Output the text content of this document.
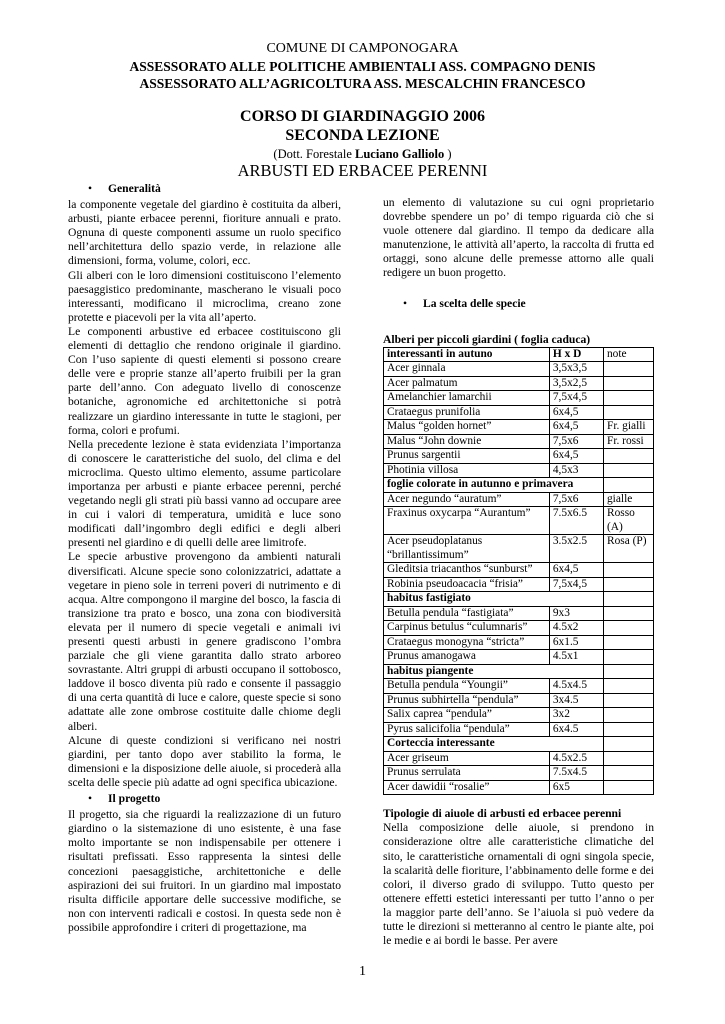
COMUNE DI CAMPONOGARA
ASSESSORATO ALLE POLITICHE AMBIENTALI ASS. COMPAGNO DENIS
ASSESSORATO ALL’AGRICOLTURA ASS. MESCALCHIN FRANCESCO
CORSO DI GIARDINAGGIO 2006
SECONDA LEZIONE
(Dott. Forestale Luciano Galliolo )
ARBUSTI ED ERBACEE PERENNI
• Generalità

la componente vegetale del giardino è costituita da alberi, arbusti, piante erbacee perenni, fioriture annuali e prato. Ognuna di queste componenti assume un ruolo specifico nell’architettura dello spazio verde, in relazione alle dimensioni, forma, volume, colori, ecc.

Gli alberi con le loro dimensioni costituiscono l’elemento paesaggistico predominante, mascherano le visuali poco interessanti, modificano il microclima, creano zone protette e piacevoli per la vita all’aperto.

Le componenti arbustive ed erbacee costituiscono gli elementi di dettaglio che rendono originale il giardino. Con l’uso sapiente di questi elementi si possono creare delle vere e proprie stanze all’aperto fruibili per la gran parte dell’anno. Con adeguato livello di conoscenze botaniche, agronomiche ed architettoniche si potrà realizzare un giardino interessante in tutte le stagioni, per forma, colori e profumi.

Nella precedente lezione è stata evidenziata l’importanza di conoscere le caratteristiche del suolo, del clima e del microclima. Questo ultimo elemento, assume particolare importanza per arbusti e piante erbacee perenni, perché vegetando negli gli strati più bassi vanno ad occupare aree in cui i valori di temperatura, umidità e luce sono modificati dall’ingombro degli edifici e degli alberi presenti nel giardino e di quelli delle aree limitrofe.

Le specie arbustive provengono da ambienti naturali diversificati. Alcune specie sono colonizzatrici, adattate a vegetare in pieno sole in terreni poveri di nutrimento e di acqua. Altre compongono il margine del bosco, la fascia di transizione tra prato e bosco, una zona con biodiversità elevata per il numero di specie vegetali e animali ivi presenti questi arbusti in genere gradiscono l’ombra parziale che gli viene garantita dallo strato arboreo sovrastante. Altri gruppi di arbusti occupano il sottobosco, laddove il bosco diventa più rado e consente il passaggio di una certa quantità di luce e calore, queste specie si sono adattate alle zone ombrose costituite dalle chiome degli alberi.

Alcune di queste condizioni si verificano nei nostri giardini, per tanto dopo aver stabilito la forma, le dimensioni e la disposizione delle aiuole, si procederà alla scelta delle specie più adatte ad ogni specifica ubicazione.

• Il progetto

Il progetto, sia che riguardi la realizzazione di un futuro giardino o la sistemazione di uno esistente, è una fase molto importante se non indispensabile per ottenere i risultati prefissati. Esso rappresenta la sintesi delle concezioni paesaggistiche, architettoniche e delle aspirazioni dei sui fruitori. In un giardino mal impostato risulta difficile apportare delle successive modifiche, se non con interventi radicali e costosi. In questa sede non è possibile approfondire i criteri di progettazione, ma

un elemento di valutazione su cui ogni proprietario dovrebbe spendere un po’ di tempo riguarda ciò che si vuole ottenere dal giardino. Il tempo da dedicare alla manutenzione, le attività all’aperto, la raccolta di frutta ed ortaggi, sono alcune delle premesse attorno alle quali redigere un buon progetto.

• La scelta delle specie
Alberi per piccoli giardini ( foglia caduca)
interessanti in autuno	H x D	note
Acer ginnala	3,5x3,5	
Acer palmatum	3,5x2,5	
Amelanchier lamarchii	7,5x4,5	
Crataegus prunifolia	6x4,5	
Malus “golden hornet”	6x4,5	Fr. gialli
Malus “John downie	7,5x6	Fr. rossi
Prunus sargentii	6x4,5	
Photinia villosa	4,5x3	
foglie colorate in autunno e primavera		
Acer negundo “auratum”	7,5x6	gialle
Fraxinus oxycarpa “Aurantum”	7.5x6.5	Rosso (A)
Acer pseudoplatanus “brillantissimum”	3.5x2.5	Rosa (P)
Gleditsia triacanthos “sunburst”	6x4,5	
Robinia pseudoacacia “frisia”	7,5x4,5	
habitus fastigiato		
Betulla pendula “fastigiata”	9x3	
Carpinus betulus “culumnaris”	4.5x2	
Crataegus monogyna “stricta”	6x1.5	
Prunus amanogawa	4.5x1	
habitus piangente		
Betulla pendula “Youngii”	4.5x4.5	
Prunus subhirtella “pendula”	3x4.5	
Salix caprea “pendula”	3x2	
Pyrus salicifolia “pendula”	6x4.5	
Corteccia interessante		
Acer griseum	4.5x2.5	
Prunus serrulata	7.5x4.5	
Acer dawidii “rosalie”	6x5	
Tipologie di aiuole di arbusti ed erbacee perenni

Nella composizione delle aiuole, si prendono in considerazione oltre alle caratteristiche climatiche del sito, le caratteristiche ornamentali di ogni singola specie, la scalarità delle fioriture, l’abbinamento delle forme e dei colori, il diverso grado di sviluppo. Tutto questo per ottenere effetti estetici interessanti per tutto l’anno o per la maggior parte dell’anno. Se l’aiuola si può vedere da tutte le direzioni si metteranno al centro le piante alte, poi le medie e ai bordi le basse. Per avere

1
